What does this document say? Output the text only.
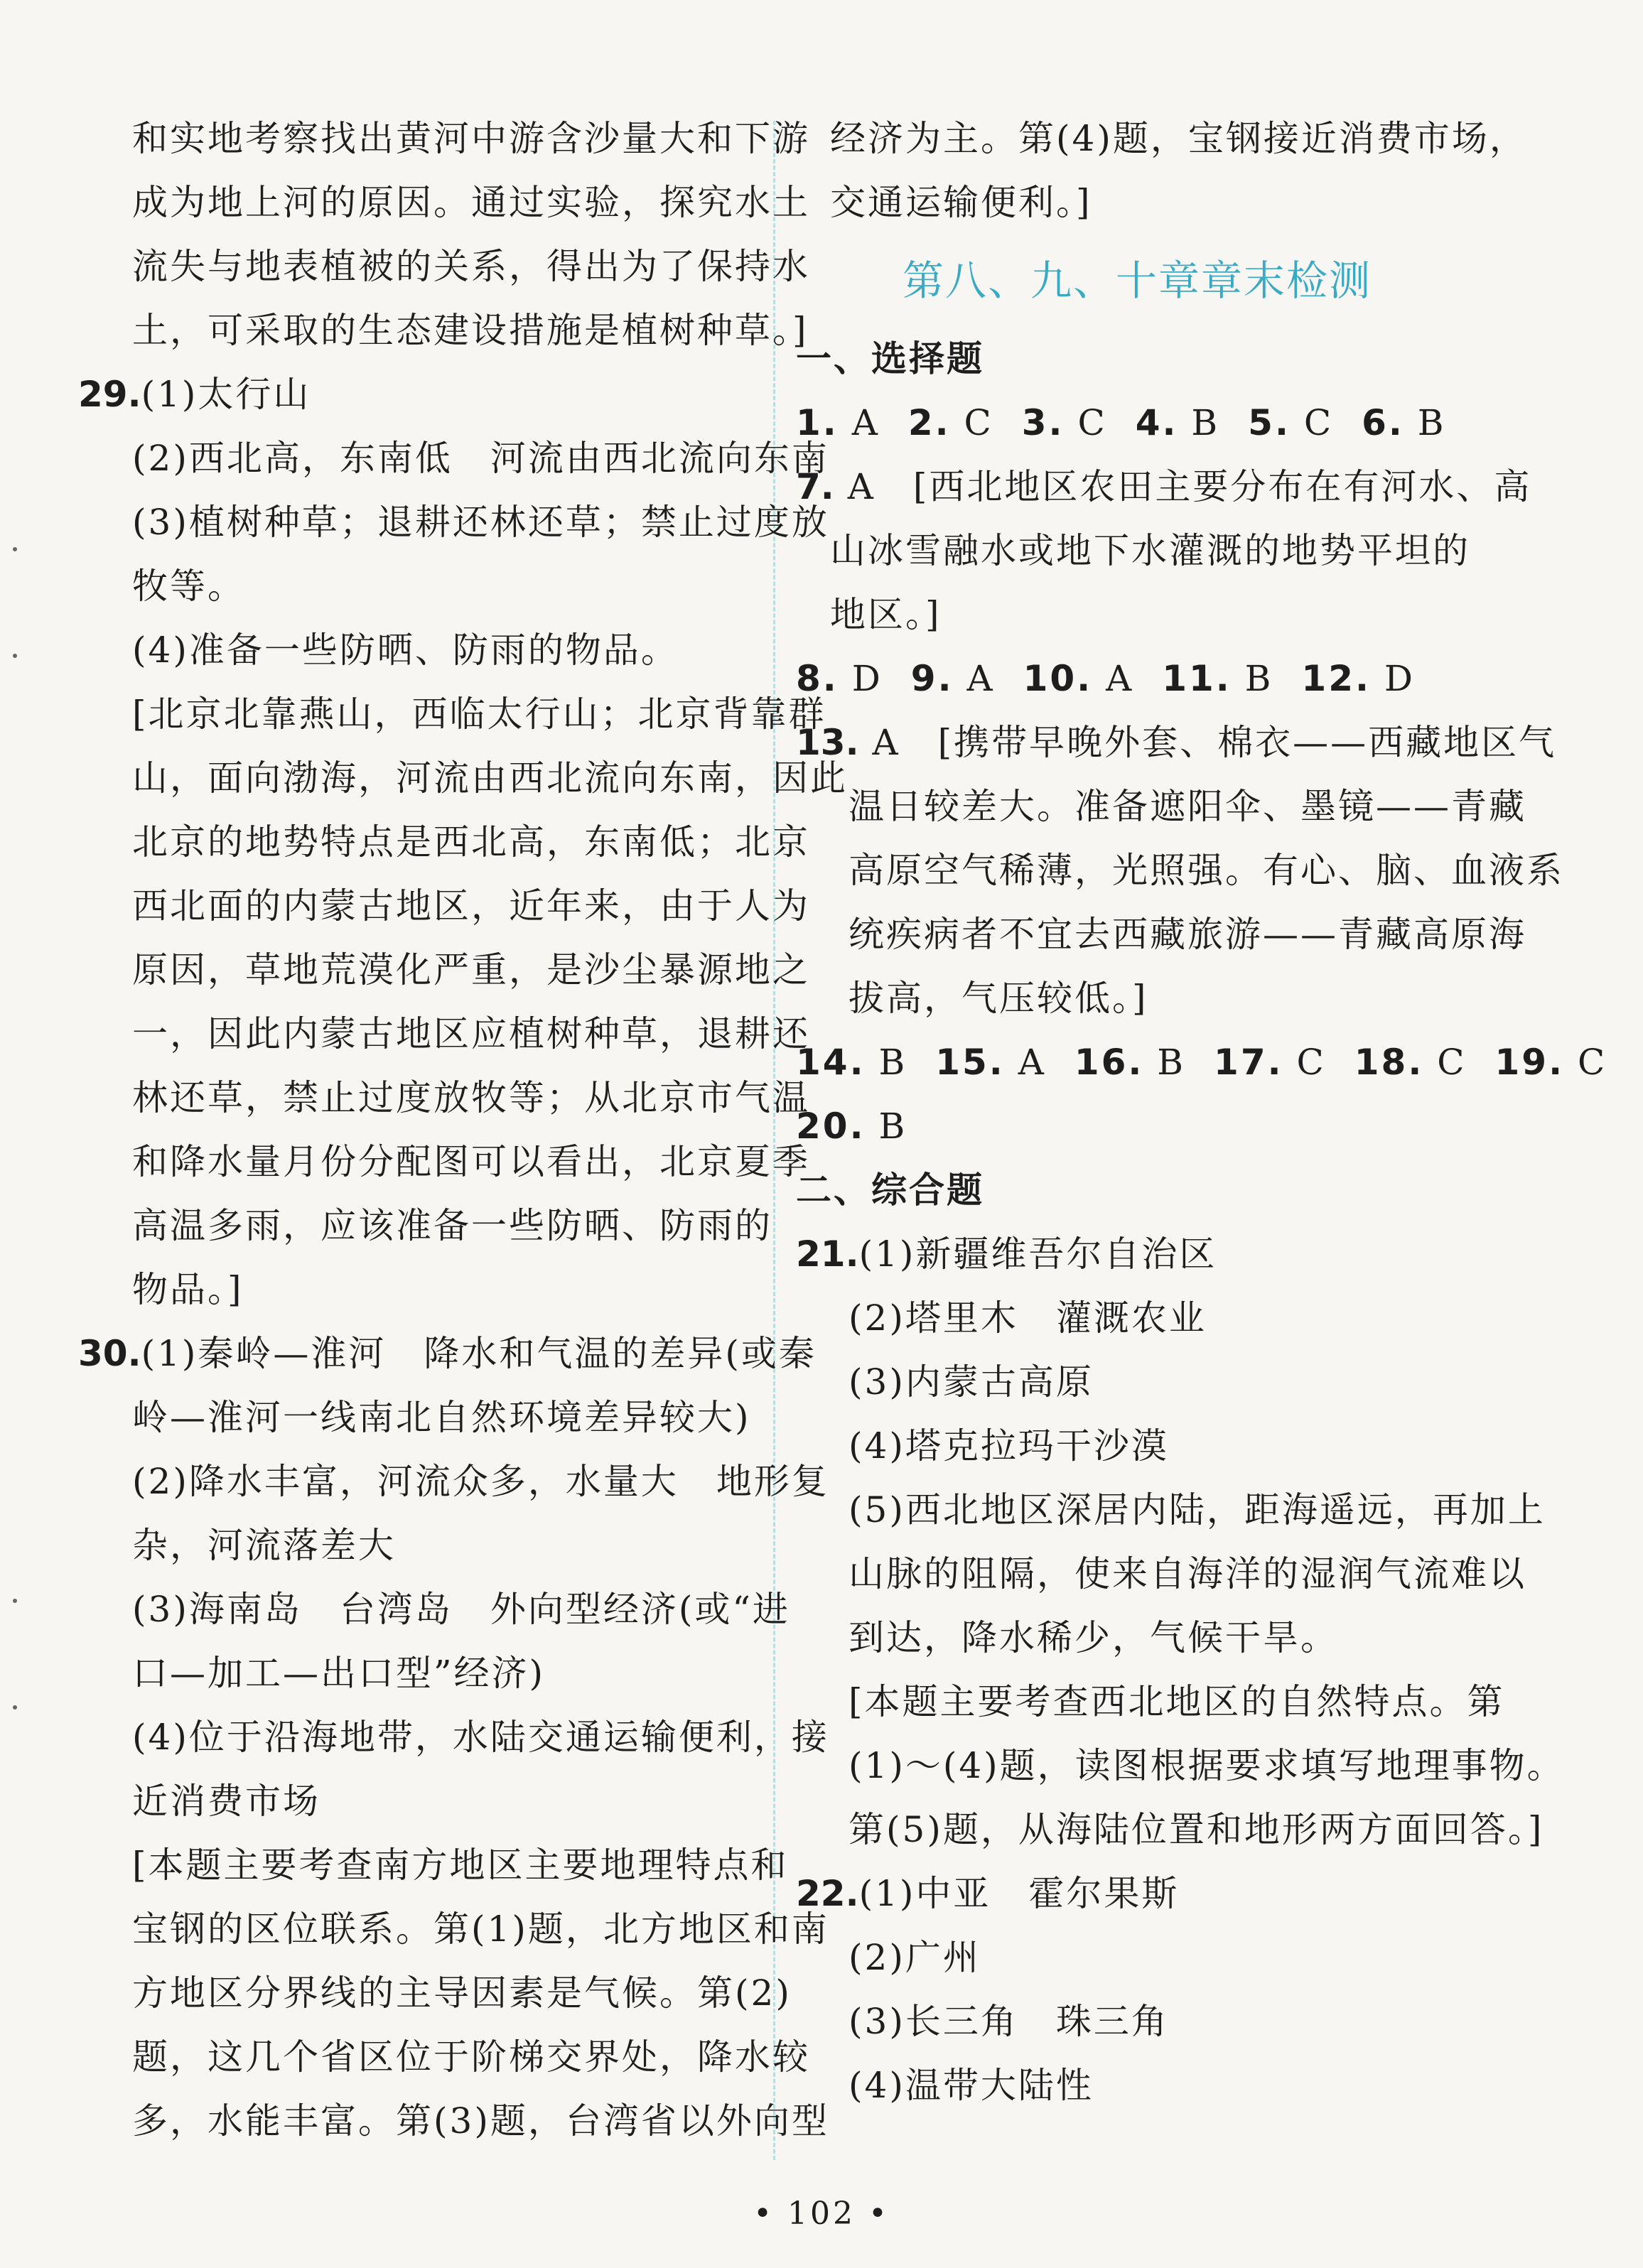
和实地考察找出黄河中游含沙量大和下游
成为地上河的原因。通过实验，探究水土
流失与地表植被的关系，得出为了保持水
土，可采取的生态建设措施是植树种草。]
29.(1)太行山
(2)西北高，东南低　河流由西北流向东南
(3)植树种草；退耕还林还草；禁止过度放
牧等。
(4)准备一些防晒、防雨的物品。
[北京北靠燕山，西临太行山；北京背靠群
山，面向渤海，河流由西北流向东南，因此
北京的地势特点是西北高，东南低；北京
西北面的内蒙古地区，近年来，由于人为
原因，草地荒漠化严重，是沙尘暴源地之
一，因此内蒙古地区应植树种草，退耕还
林还草，禁止过度放牧等；从北京市气温
和降水量月份分配图可以看出，北京夏季
高温多雨，应该准备一些防晒、防雨的
物品。]
30.(1)秦岭—淮河　降水和气温的差异(或秦
岭—淮河一线南北自然环境差异较大)
(2)降水丰富，河流众多，水量大　地形复
杂，河流落差大
(3)海南岛　台湾岛　外向型经济(或“进
口—加工—出口型”经济)
(4)位于沿海地带，水陆交通运输便利，接
近消费市场
[本题主要考查南方地区主要地理特点和
宝钢的区位联系。第(1)题，北方地区和南
方地区分界线的主导因素是气候。第(2)
题，这几个省区位于阶梯交界处，降水较
多，水能丰富。第(3)题，台湾省以外向型
经济为主。第(4)题，宝钢接近消费市场，
交通运输便利。]
第八、九、十章章末检测
一、选择题
1. A 2. C 3. C 4. B 5. C 6. B
7. A　[西北地区农田主要分布在有河水、高
山冰雪融水或地下水灌溉的地势平坦的
地区。]
8. D 9. A 10. A 11. B 12. D
13. A　[携带早晚外套、棉衣——西藏地区气
温日较差大。准备遮阳伞、墨镜——青藏
高原空气稀薄，光照强。有心、脑、血液系
统疾病者不宜去西藏旅游——青藏高原海
拔高，气压较低。]
14. B 15. A 16. B 17. C 18. C 19. C
20. B
二、综合题
21.(1)新疆维吾尔自治区
(2)塔里木　灌溉农业
(3)内蒙古高原
(4)塔克拉玛干沙漠
(5)西北地区深居内陆，距海遥远，再加上
山脉的阻隔，使来自海洋的湿润气流难以
到达，降水稀少，气候干旱。
[本题主要考查西北地区的自然特点。第
(1)～(4)题，读图根据要求填写地理事物。
第(5)题，从海陆位置和地形两方面回答。]
22.(1)中亚　霍尔果斯
(2)广州
(3)长三角　珠三角
(4)温带大陆性
• 102 •
